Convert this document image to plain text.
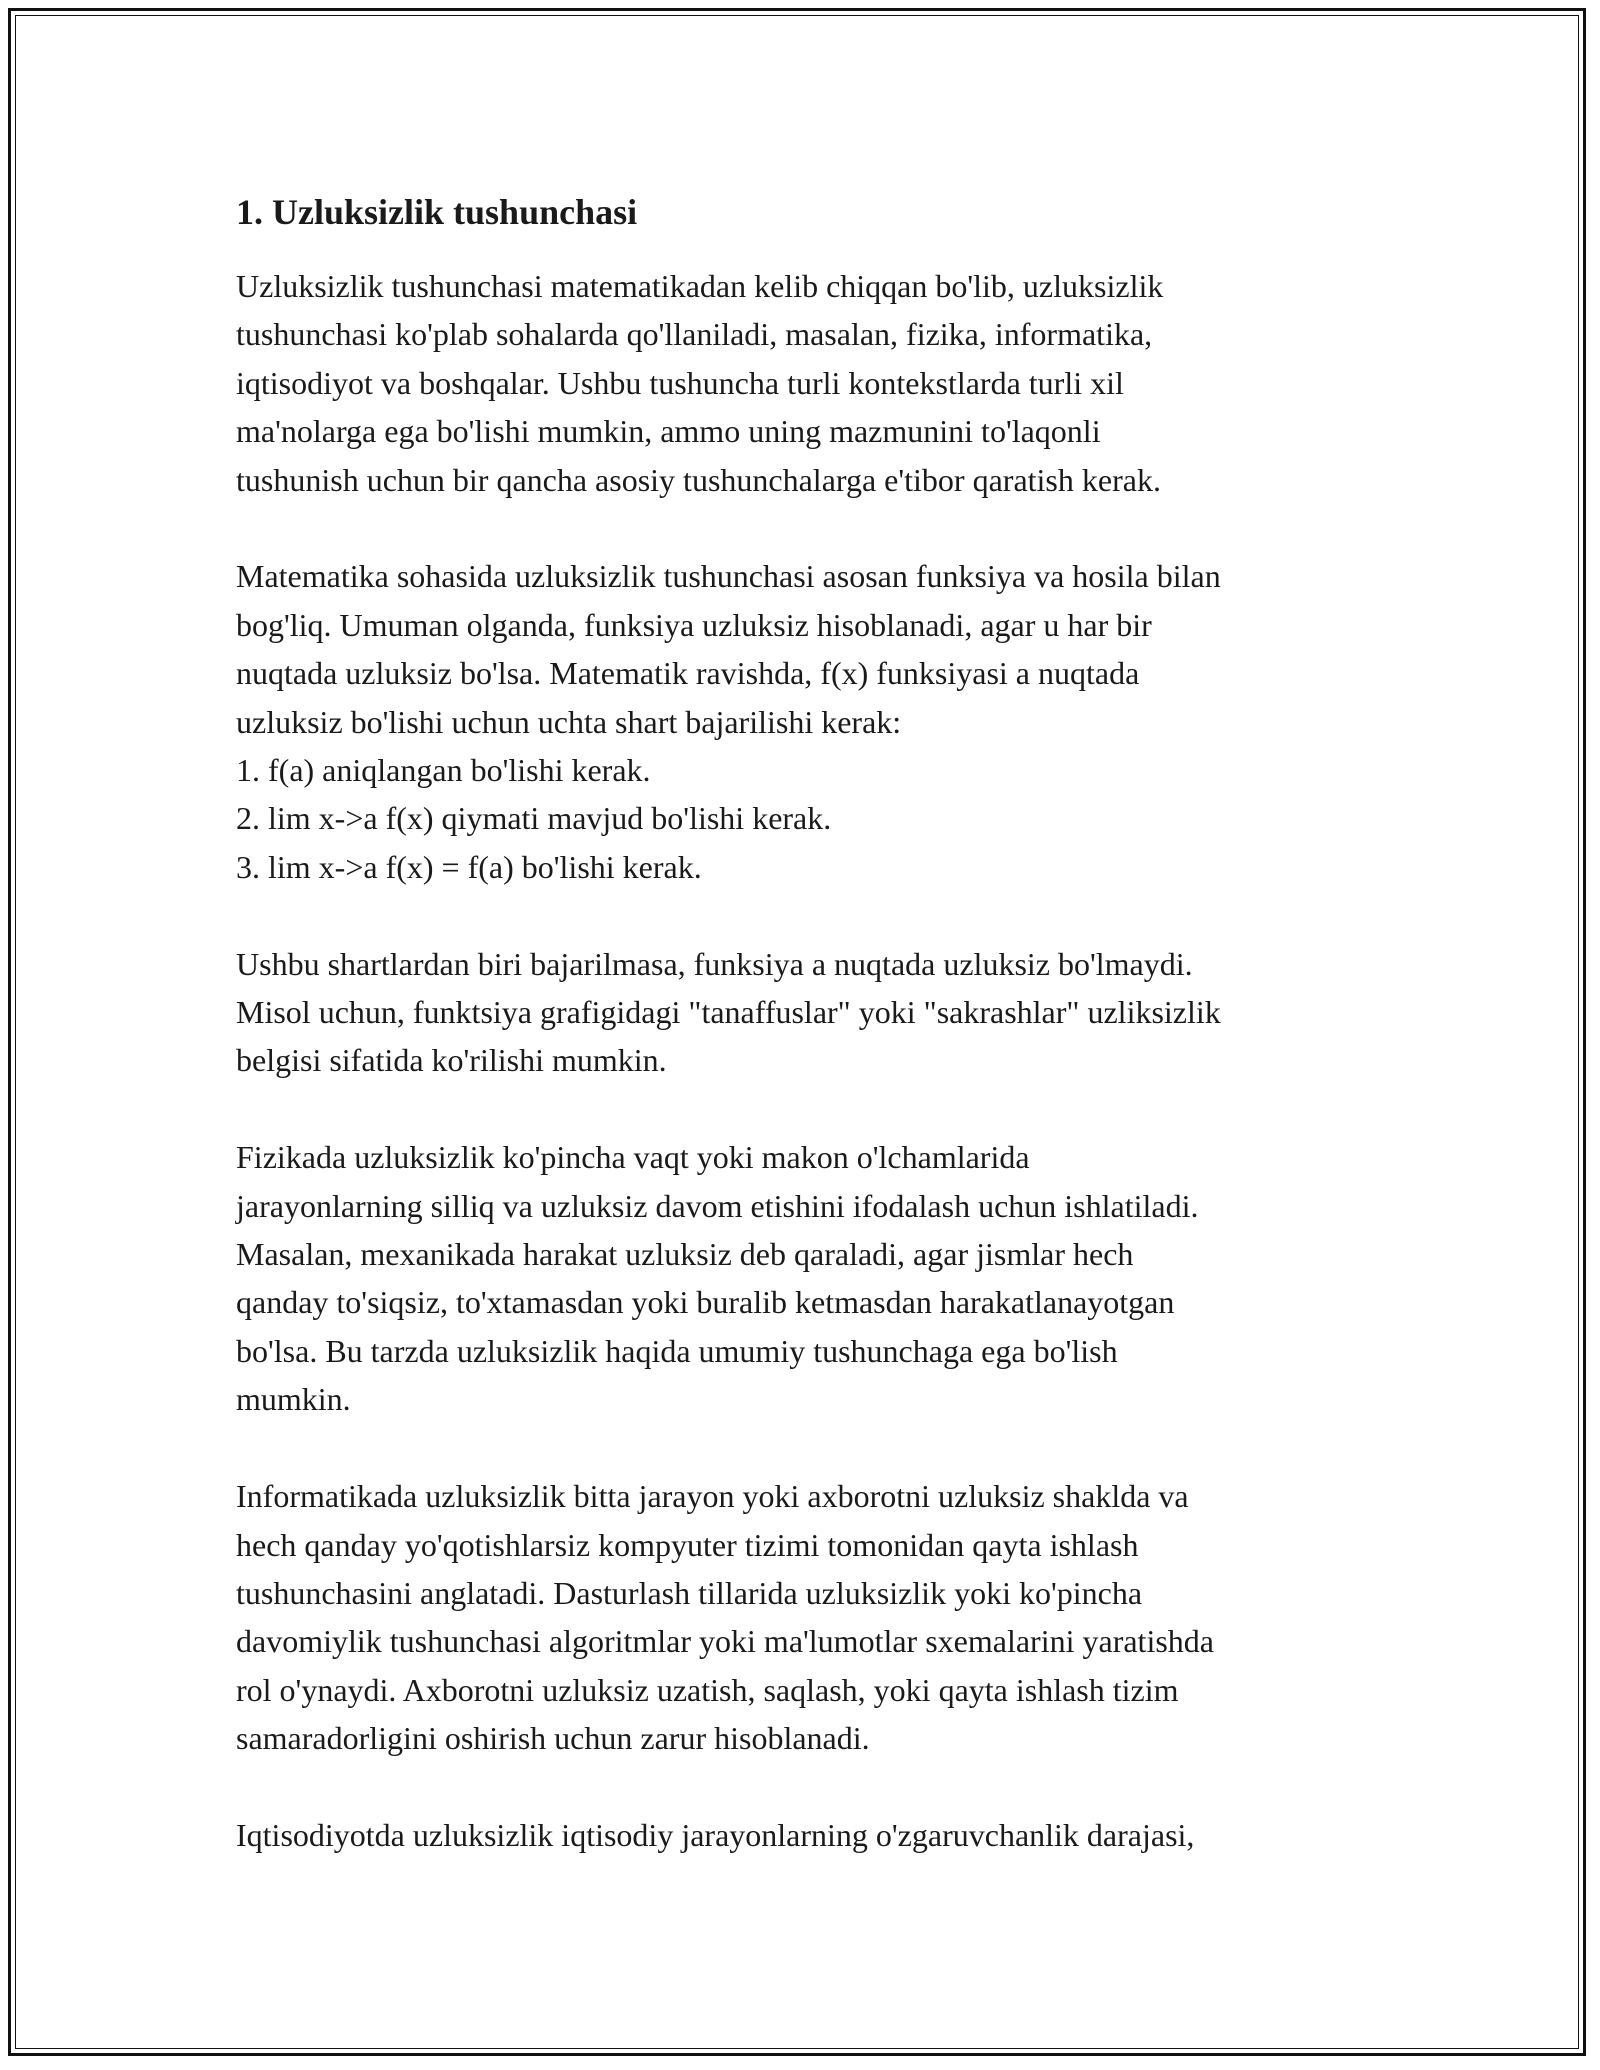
1. Uzluksizlik tushunchasi

Uzluksizlik tushunchasi matematikadan kelib chiqqan bo'lib, uzluksizlik
tushunchasi ko'plab sohalarda qo'llaniladi, masalan, fizika, informatika,
iqtisodiyot va boshqalar. Ushbu tushuncha turli kontekstlarda turli xil
ma'nolarga ega bo'lishi mumkin, ammo uning mazmunini to'laqonli
tushunish uchun bir qancha asosiy tushunchalarga e'tibor qaratish kerak.

Matematika sohasida uzluksizlik tushunchasi asosan funksiya va hosila bilan
bog'liq. Umuman olganda, funksiya uzluksiz hisoblanadi, agar u har bir
nuqtada uzluksiz bo'lsa. Matematik ravishda, f(x) funksiyasi a nuqtada
uzluksiz bo'lishi uchun uchta shart bajarilishi kerak:
1. f(a) aniqlangan bo'lishi kerak.
2. lim x->a f(x) qiymati mavjud bo'lishi kerak.
3. lim x->a f(x) = f(a) bo'lishi kerak.

Ushbu shartlardan biri bajarilmasa, funksiya a nuqtada uzluksiz bo'lmaydi.
Misol uchun, funktsiya grafigidagi "tanaffuslar" yoki "sakrashlar" uzliksizlik
belgisi sifatida ko'rilishi mumkin.

Fizikada uzluksizlik ko'pincha vaqt yoki makon o'lchamlarida
jarayonlarning silliq va uzluksiz davom etishini ifodalash uchun ishlatiladi.
Masalan, mexanikada harakat uzluksiz deb qaraladi, agar jismlar hech
qanday to'siqsiz, to'xtamasdan yoki buralib ketmasdan harakatlanayotgan
bo'lsa. Bu tarzda uzluksizlik haqida umumiy tushunchaga ega bo'lish
mumkin.

Informatikada uzluksizlik bitta jarayon yoki axborotni uzluksiz shaklda va
hech qanday yo'qotishlarsiz kompyuter tizimi tomonidan qayta ishlash
tushunchasini anglatadi. Dasturlash tillarida uzluksizlik yoki ko'pincha
davomiylik tushunchasi algoritmlar yoki ma'lumotlar sxemalarini yaratishda
rol o'ynaydi. Axborotni uzluksiz uzatish, saqlash, yoki qayta ishlash tizim
samaradorligini oshirish uchun zarur hisoblanadi.

Iqtisodiyotda uzluksizlik iqtisodiy jarayonlarning o'zgaruvchanlik darajasi,
